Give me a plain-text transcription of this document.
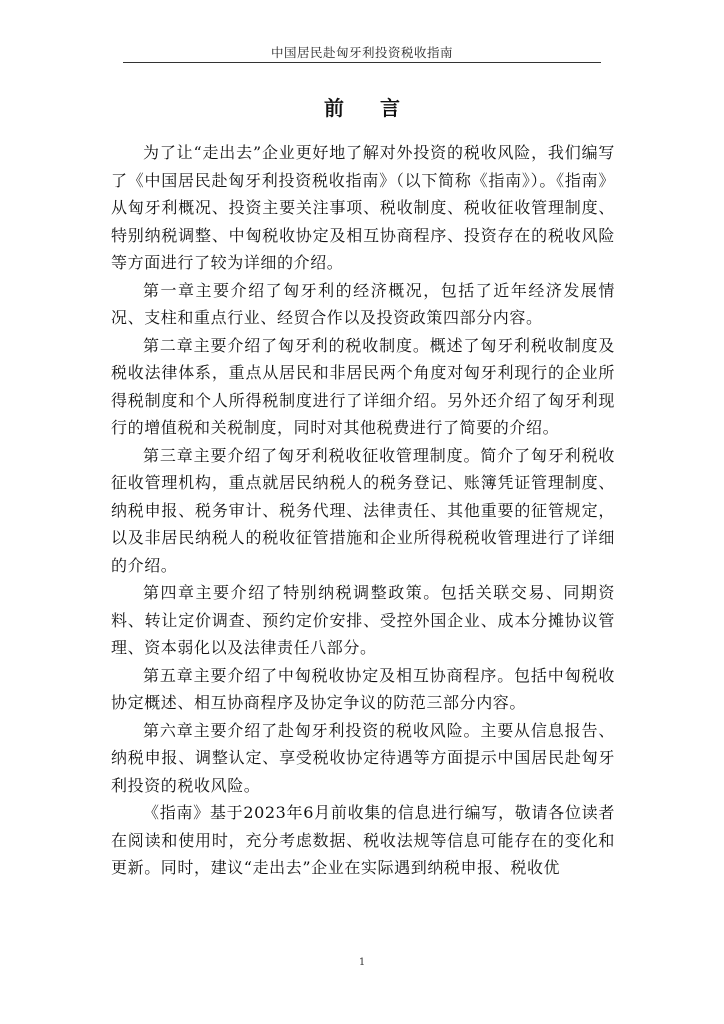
中国居民赴匈牙利投资税收指南
前言

为了让“走出去”企业更好地了解对外投资的税收风险，我们编写了《中国居民赴匈牙利投资税收指南》（以下简称《指南》）。《指南》从匈牙利概况、投资主要关注事项、税收制度、税收征收管理制度、特别纳税调整、中匈税收协定及相互协商程序、投资存在的税收风险等方面进行了较为详细的介绍。

第一章主要介绍了匈牙利的经济概况，包括了近年经济发展情况、支柱和重点行业、经贸合作以及投资政策四部分内容。

第二章主要介绍了匈牙利的税收制度。概述了匈牙利税收制度及税收法律体系，重点从居民和非居民两个角度对匈牙利现行的企业所得税制度和个人所得税制度进行了详细介绍。另外还介绍了匈牙利现行的增值税和关税制度，同时对其他税费进行了简要的介绍。

第三章主要介绍了匈牙利税收征收管理制度。简介了匈牙利税收征收管理机构，重点就居民纳税人的税务登记、账簿凭证管理制度、纳税申报、税务审计、税务代理、法律责任、其他重要的征管规定，以及非居民纳税人的税收征管措施和企业所得税税收管理进行了详细的介绍。

第四章主要介绍了特别纳税调整政策。包括关联交易、同期资料、转让定价调查、预约定价安排、受控外国企业、成本分摊协议管理、资本弱化以及法律责任八部分。

第五章主要介绍了中匈税收协定及相互协商程序。包括中匈税收协定概述、相互协商程序及协定争议的防范三部分内容。

第六章主要介绍了赴匈牙利投资的税收风险。主要从信息报告、纳税申报、调整认定、享受税收协定待遇等方面提示中国居民赴匈牙利投资的税收风险。

《指南》基于2023年6月前收集的信息进行编写，敬请各位读者在阅读和使用时，充分考虑数据、税收法规等信息可能存在的变化和更新。同时，建议“走出去”企业在实际遇到纳税申报、税收优

1
